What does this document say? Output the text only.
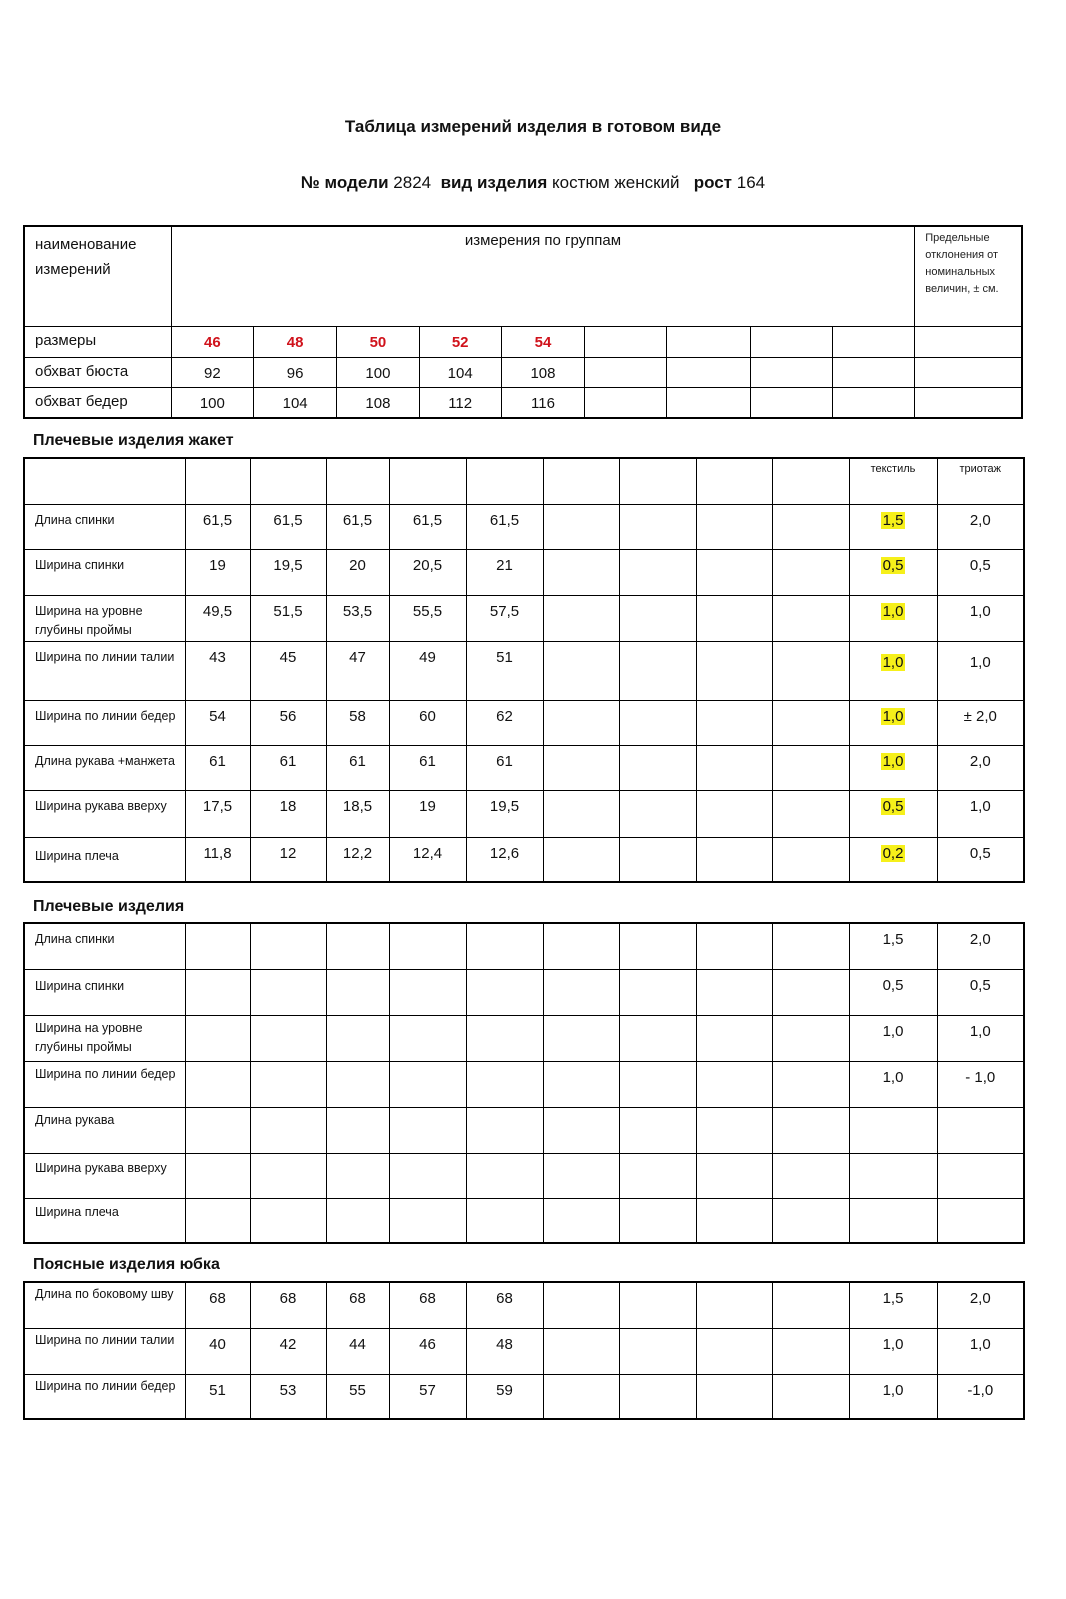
Таблица измерений изделия в готовом виде
№ модели 2824 вид изделия костюм женский рост 164
наименование измерений	измерения по группам									Предельные отклонения от номинальных величин, ± см.
размеры	46	48	50	52	54					
обхват бюста	92	96	100	104	108					
обхват бедер	100	104	108	112	116					
Плечевые изделия жакет
										текстиль	триотаж
Длина спинки	61,5	61,5	61,5	61,5	61,5					1,5	2,0
Ширина спинки	19	19,5	20	20,5	21					0,5	0,5
Ширина на уровне глубины проймы	49,5	51,5	53,5	55,5	57,5					1,0	1,0
Ширина по линии талии	43	45	47	49	51					1,0	1,0
Ширина по линии бедер	54	56	58	60	62					1,0	± 2,0
Длина рукава +манжета	61	61	61	61	61					1,0	2,0
Ширина рукава вверху	17,5	18	18,5	19	19,5					0,5	1,0
Ширина плеча	11,8	12	12,2	12,4	12,6					0,2	0,5
Плечевые изделия
Длина спинки										1,5	2,0
Ширина спинки										0,5	0,5
Ширина на уровне глубины проймы										1,0	1,0
Ширина по линии бедер										1,0	- 1,0
Длина рукава											
Ширина рукава вверху											
Ширина плеча											
Поясные изделия юбка
Длина по боковому шву	68	68	68	68	68					1,5	2,0
Ширина по линии талии	40	42	44	46	48					1,0	1,0
Ширина по линии бедер	51	53	55	57	59					1,0	-1,0
